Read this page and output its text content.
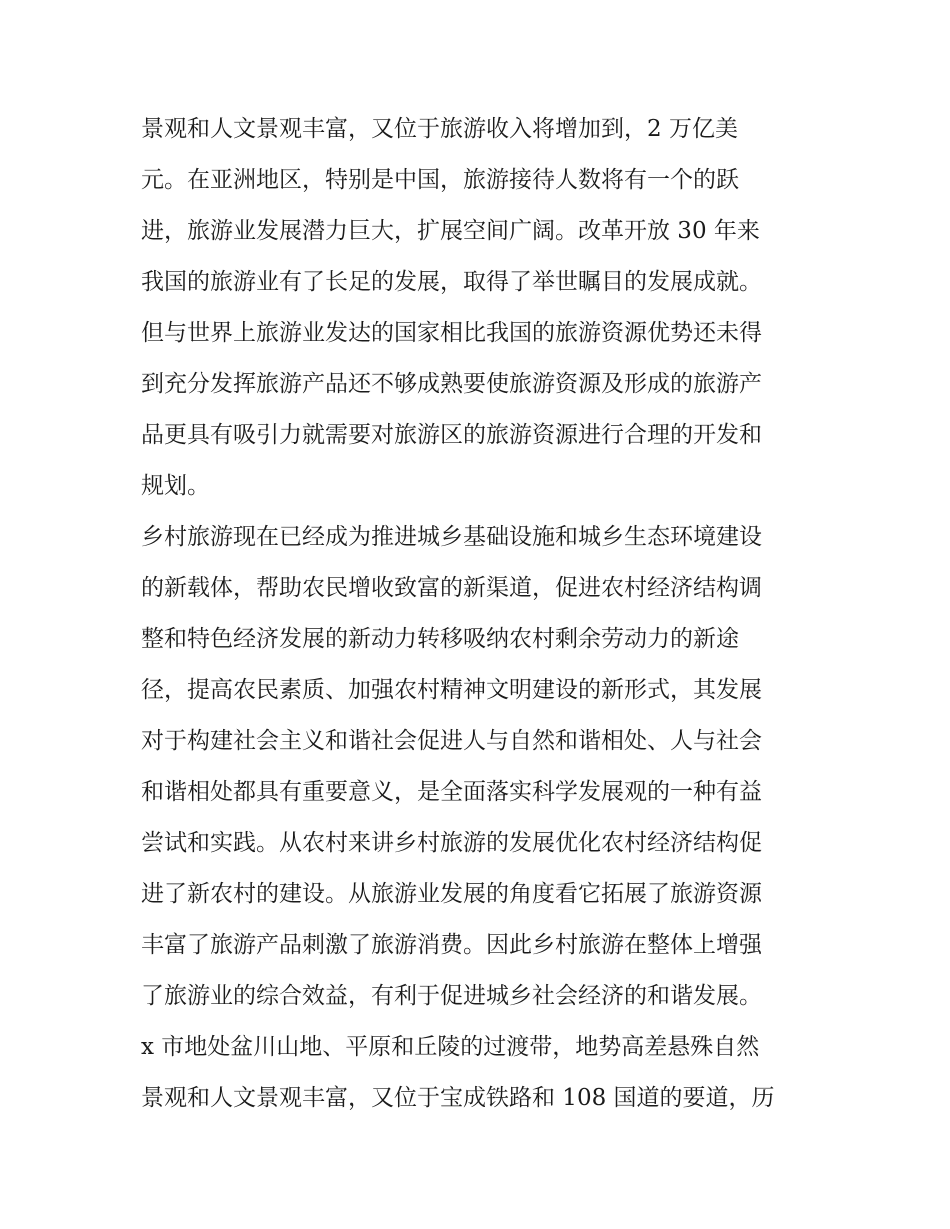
景观和人文景观丰富，又位于旅游收入将增加到，2 万亿美
元。在亚洲地区，特别是中国，旅游接待人数将有一个的跃
进，旅游业发展潜力巨大，扩展空间广阔。改革开放 30 年来
我国的旅游业有了长足的发展，取得了举世瞩目的发展成就。
但与世界上旅游业发达的国家相比我国的旅游资源优势还未得
到充分发挥旅游产品还不够成熟要使旅游资源及形成的旅游产
品更具有吸引力就需要对旅游区的旅游资源进行合理的开发和
规划。
乡村旅游现在已经成为推进城乡基础设施和城乡生态环境建设
的新载体，帮助农民增收致富的新渠道，促进农村经济结构调
整和特色经济发展的新动力转移吸纳农村剩余劳动力的新途
径，提高农民素质、加强农村精神文明建设的新形式，其发展
对于构建社会主义和谐社会促进人与自然和谐相处、人与社会
和谐相处都具有重要意义，是全面落实科学发展观的一种有益
尝试和实践。从农村来讲乡村旅游的发展优化农村经济结构促
进了新农村的建设。从旅游业发展的角度看它拓展了旅游资源
丰富了旅游产品刺激了旅游消费。因此乡村旅游在整体上增强
了旅游业的综合效益，有利于促进城乡社会经济的和谐发展。
x 市地处盆川山地、平原和丘陵的过渡带，地势高差悬殊自然
景观和人文景观丰富，又位于宝成铁路和 108 国道的要道，历
